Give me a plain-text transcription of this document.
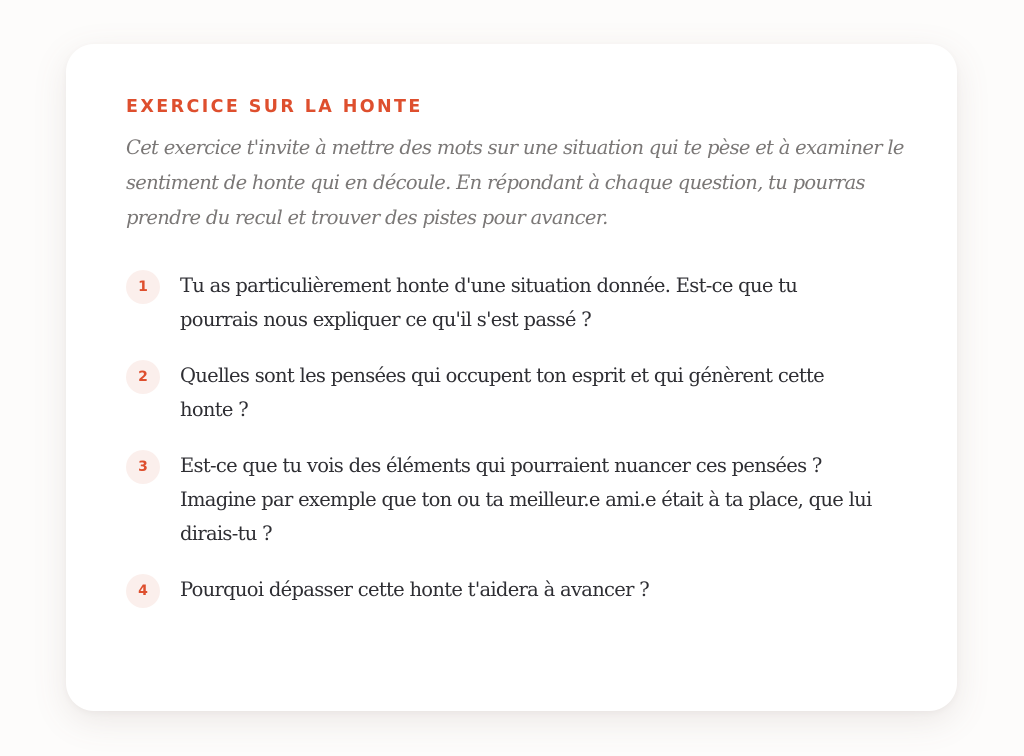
EXERCICE SUR LA HONTE

Cet exercice t'invite à mettre des mots sur une situation qui te pèse et à examiner le sentiment de honte qui en découle. En répondant à chaque question, tu pourras prendre du recul et trouver des pistes pour avancer.

1	Tu as particulièrement honte d'une situation donnée. Est-ce que tu pourrais nous expliquer ce qu'il s'est passé ?
2	Quelles sont les pensées qui occupent ton esprit et qui génèrent cette honte ?
3	Est-ce que tu vois des éléments qui pourraient nuancer ces pensées ? Imagine par exemple que ton ou ta meilleur.e ami.e était à ta place, que lui dirais-tu ?
4	Pourquoi dépasser cette honte t'aidera à avancer ?
